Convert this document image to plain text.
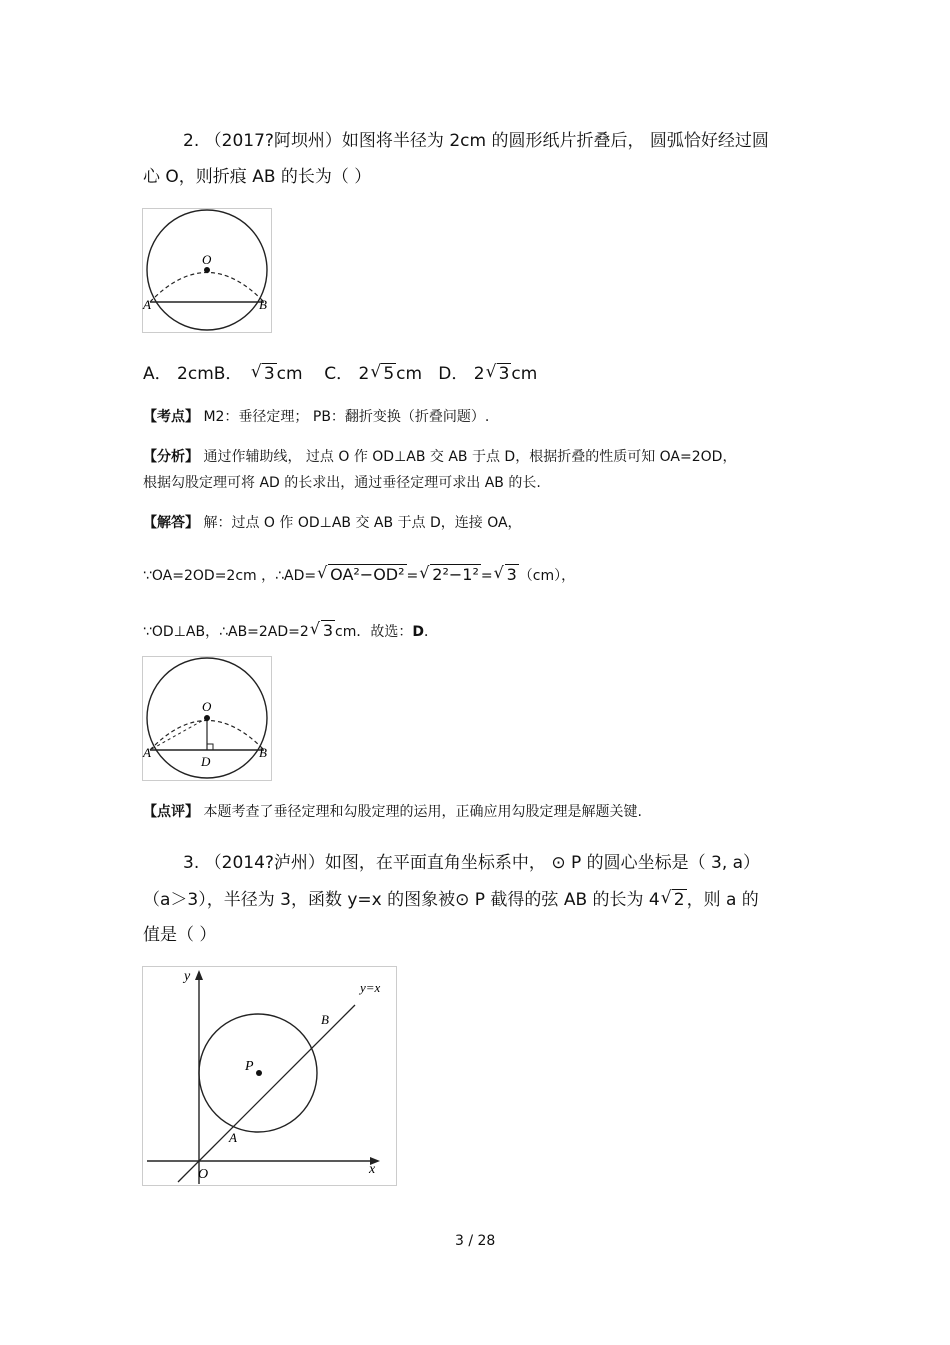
2. （2017?阿坝州）如图将半径为 2cm 的圆形纸片折叠后， 圆弧恰好经过圆
心 O，则折痕 AB 的长为（ ）
O
A	B
A． 2cmB． √ 3 cm C． 2 √ 5 cm D． 2 √ 3 cm
【考点】 M2：垂径定理； PB：翻折变换（折叠问题）.
【分析】 通过作辅助线， 过点 O 作 OD⊥AB 交 AB 于点 D，根据折叠的性质可知 OA=2OD，
根据勾股定理可将 AD 的长求出，通过垂径定理可求出 AB 的长.
【解答】 解：过点 O 作 OD⊥AB 交 AB 于点 D，连接 OA，
∵OA=2OD=2cm ，∴AD= √ OA²−OD² = √ 2²−1² = √ 3 （cm），
∵OD⊥AB，∴AB=2AD=2 √ 3 cm．故选：D．
O
A	B
D
【点评】 本题考查了垂径定理和勾股定理的运用，正确应用勾股定理是解题关键.
3. （2014?泸州）如图，在平面直角坐标系中， ⊙ P 的圆心坐标是（ 3, a）
（a＞3），半径为 3，函数 y=x 的图象被⊙ P 截得的弦 AB 的长为 4 √ 2 ，则 a 的
值是（ ）
y
x
O
P
A
B
y=x
3 / 28
